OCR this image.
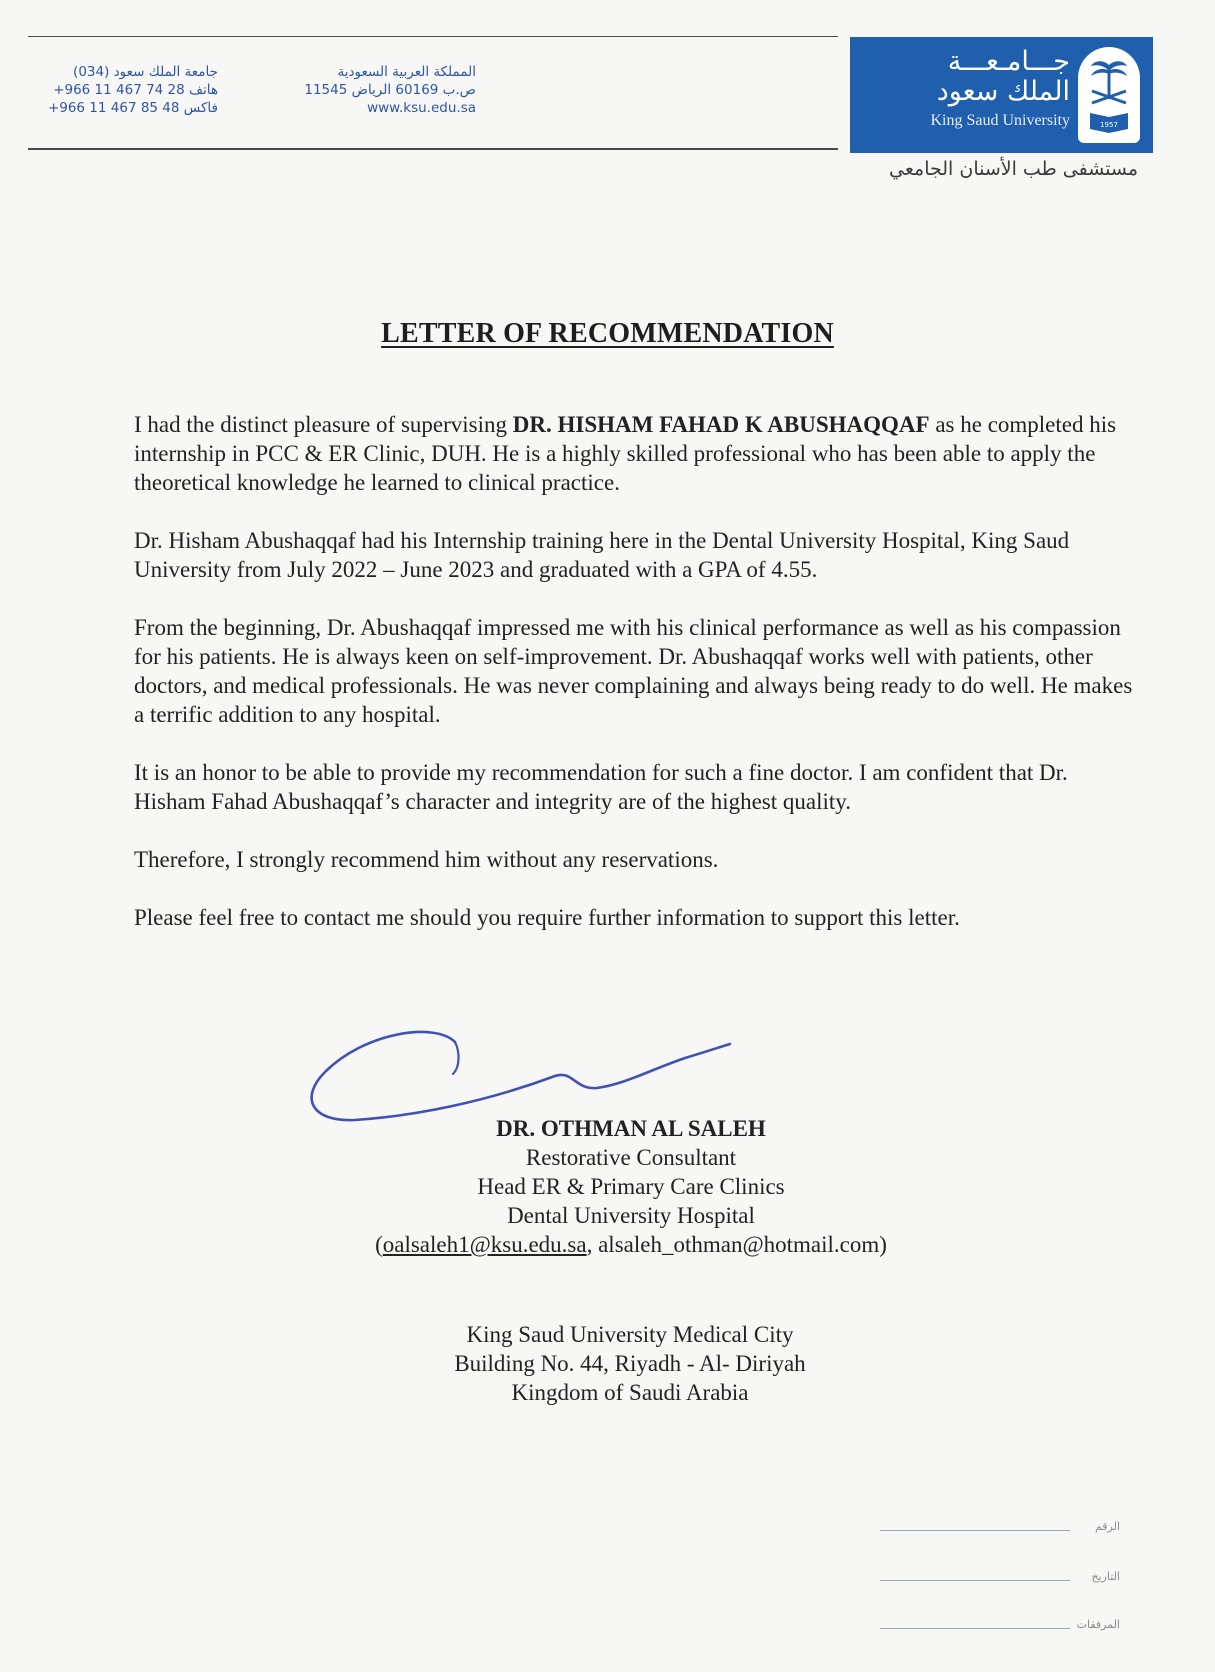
جامعة الملك سعود (034)
+966 11 467 74 28 هاتف
+966 11 467 85 48 فاكس
المملكة العربية السعودية
ص.ب 60169 الرياض 11545
www.ksu.edu.sa
جـــامـعـــة
الملك سعود
King Saud University	1957
مستشفى طب الأسنان الجامعي
LETTER OF RECOMMENDATION

I had the distinct pleasure of supervising DR. HISHAM FAHAD K ABUSHAQQAF as he completed his internship in PCC & ER Clinic, DUH. He is a highly skilled professional who has been able to apply the theoretical knowledge he learned to clinical practice.

Dr. Hisham Abushaqqaf had his Internship training here in the Dental University Hospital, King Saud University from July 2022 – June 2023 and graduated with a GPA of 4.55.

From the beginning, Dr. Abushaqqaf impressed me with his clinical performance as well as his compassion for his patients. He is always keen on self-improvement. Dr. Abushaqqaf works well with patients, other doctors, and medical professionals. He was never complaining and always being ready to do well. He makes a terrific addition to any hospital.

It is an honor to be able to provide my recommendation for such a fine doctor. I am confident that Dr. Hisham Fahad Abushaqqaf’s character and integrity are of the highest quality.

Therefore, I strongly recommend him without any reservations.

Please feel free to contact me should you require further information to support this letter.

DR. OTHMAN AL SALEH
Restorative Consultant
Head ER & Primary Care Clinics
Dental University Hospital
(oalsaleh1@ksu.edu.sa, alsaleh_othman@hotmail.com)
King Saud University Medical City
Building No. 44, Riyadh - Al- Diriyah
Kingdom of Saudi Arabia
الرقم
التاريخ
المرفقات
